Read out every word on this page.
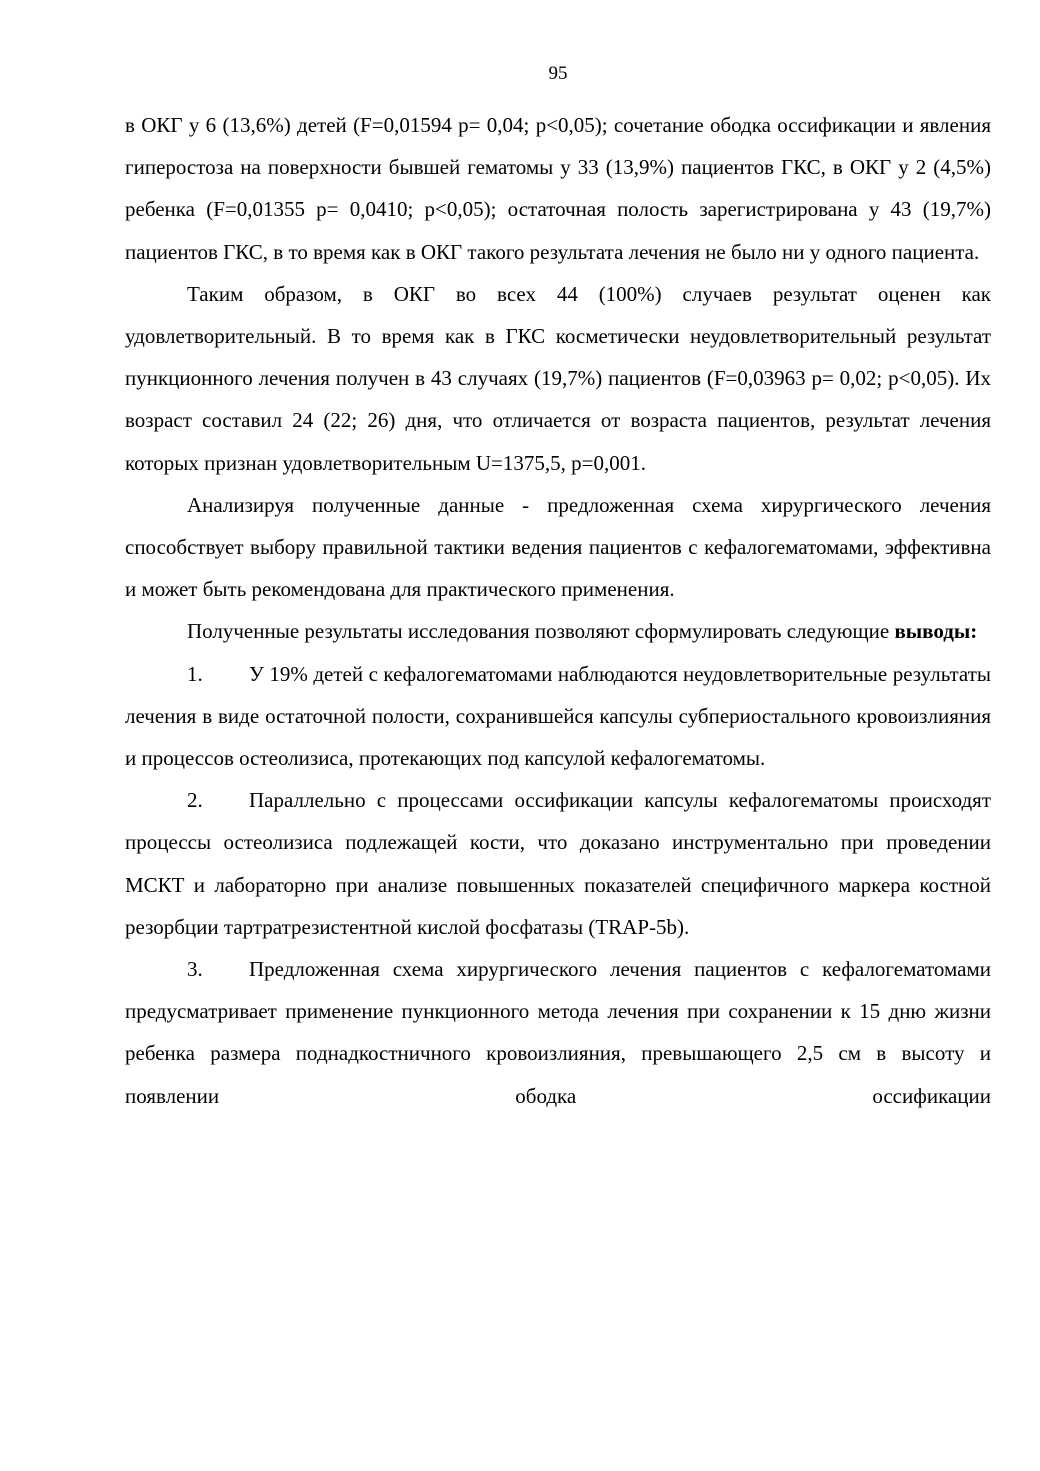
95

в ОКГ у 6 (13,6%) детей (F=0,01594 p= 0,04; p<0,05); сочетание ободка оссификации и явления гиперостоза на поверхности бывшей гематомы у 33 (13,9%) пациентов ГКС, в ОКГ у 2 (4,5%) ребенка (F=0,01355 p= 0,0410; p<0,05); остаточная полость зарегистрирована у 43 (19,7%) пациентов ГКС, в то время как в ОКГ такого результата лечения не было ни у одного пациента.

Таким образом, в ОКГ во всех 44 (100%) случаев результат оценен как удовлетворительный. В то время как в ГКС косметически неудовлетворительный результат пункционного лечения получен в 43 случаях (19,7%) пациентов (F=0,03963 p= 0,02; p<0,05). Их возраст составил 24 (22; 26) дня, что отличается от возраста пациентов, результат лечения которых признан удовлетворительным U=1375,5, p=0,001.

Анализируя полученные данные - предложенная схема хирургического лечения способствует выбору правильной тактики ведения пациентов с кефалогематомами, эффективна и может быть рекомендована для практического применения.

Полученные результаты исследования позволяют сформулировать следующие выводы:

1. У 19% детей с кефалогематомами наблюдаются неудовлетворительные результаты лечения в виде остаточной полости, сохранившейся капсулы субпериостального кровоизлияния и процессов остеолизиса, протекающих под капсулой кефалогематомы.

2. Параллельно с процессами оссификации капсулы кефалогематомы происходят процессы остеолизиса подлежащей кости, что доказано инструментально при проведении МСКТ и лабораторно при анализе повышенных показателей специфичного маркера костной резорбции тартратрезистентной кислой фосфатазы (TRAP-5b).

3. Предложенная схема хирургического лечения пациентов с кефалогематомами предусматривает применение пункционного метода лечения при сохранении к 15 дню жизни ребенка размера поднадкостничного кровоизлияния, превышающего 2,5 см в высоту и появлении ободка оссификации
